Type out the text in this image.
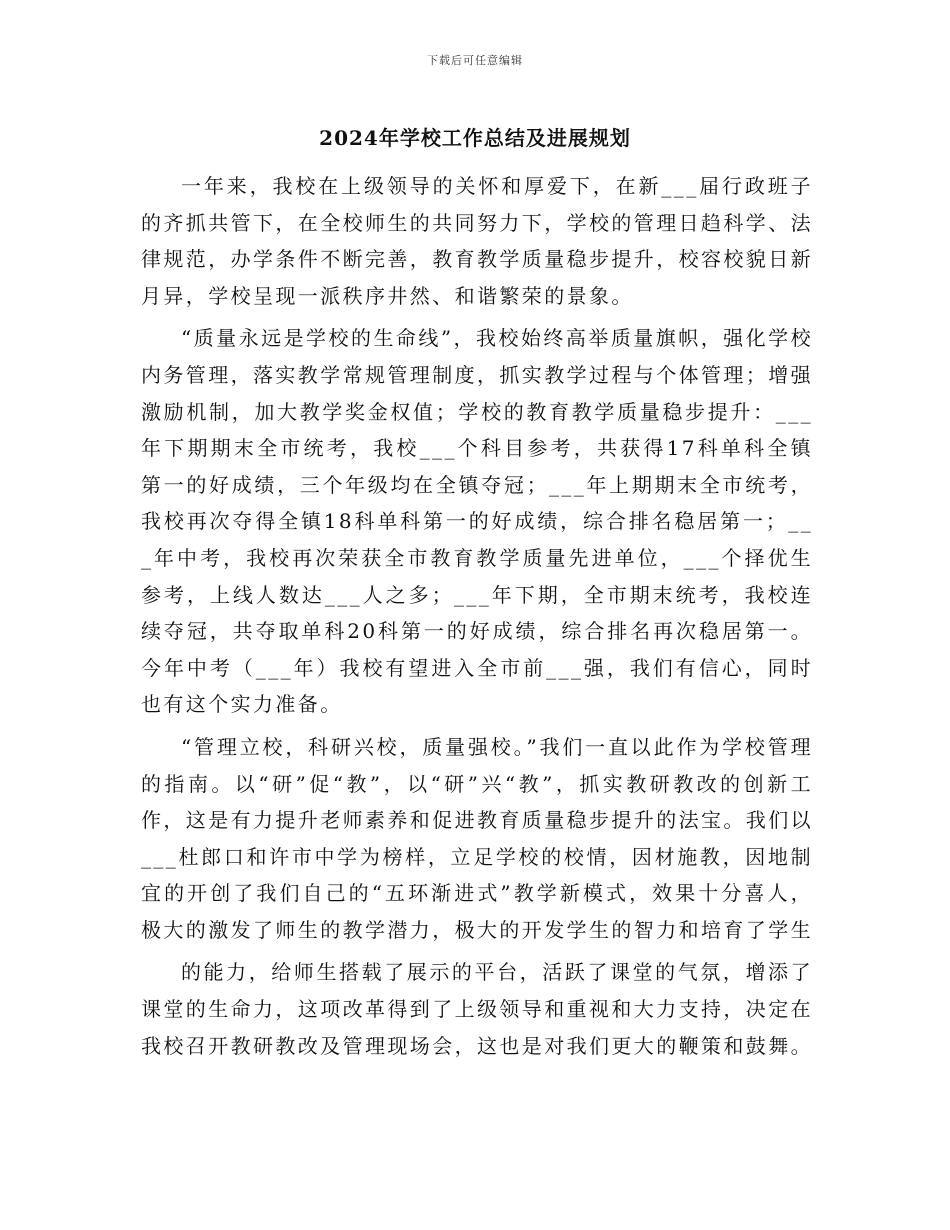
下载后可任意编辑
2024年学校工作总结及进展规划

一年来，我校在上级领导的关怀和厚爱下，在新___届行政班子的齐抓共管下，在全校师生的共同努力下，学校的管理日趋科学、法律规范，办学条件不断完善，教育教学质量稳步提升，校容校貌日新月异，学校呈现一派秩序井然、和谐繁荣的景象。

“质量永远是学校的生命线”，我校始终高举质量旗帜，强化学校内务管理，落实教学常规管理制度，抓实教学过程与个体管理；增强激励机制，加大教学奖金权值；学校的教育教学质量稳步提升：___年下期期末全市统考，我校___个科目参考，共获得17科单科全镇第一的好成绩，三个年级均在全镇夺冠；___年上期期末全市统考，我校再次夺得全镇18科单科第一的好成绩，综合排名稳居第一；___年中考，我校再次荣获全市教育教学质量先进单位，___个择优生参考，上线人数达___人之多；___年下期，全市期末统考，我校连续夺冠，共夺取单科20科第一的好成绩，综合排名再次稳居第一。今年中考（___年）我校有望进入全市前___强，我们有信心，同时也有这个实力准备。

“管理立校，科研兴校，质量强校。”我们一直以此作为学校管理的指南。以“研”促“教”，以“研”兴“教”，抓实教研教改的创新工作，这是有力提升老师素养和促进教育质量稳步提升的法宝。我们以___杜郎口和许市中学为榜样，立足学校的校情，因材施教，因地制宜的开创了我们自己的“五环渐进式”教学新模式，效果十分喜人，极大的激发了师生的教学潜力，极大的开发学生的智力和培育了学生

的能力，给师生搭载了展示的平台，活跃了课堂的气氛，增添了课堂的生命力，这项改革得到了上级领导和重视和大力支持，决定在我校召开教研教改及管理现场会，这也是对我们更大的鞭策和鼓舞。
